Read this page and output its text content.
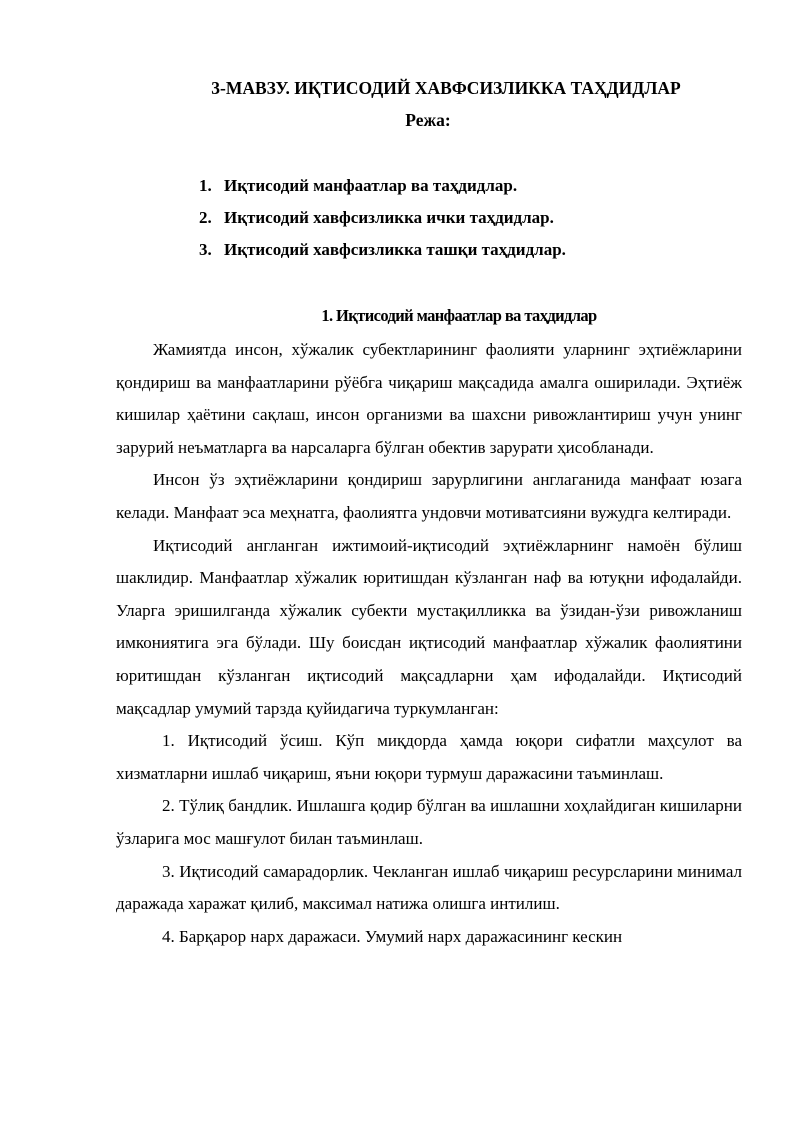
3-МАВЗУ. ИҚТИСОДИЙ ХАВФСИЗЛИККА ТАҲДИДЛАР
Режа:
1. Иқтисодий манфаатлар ва таҳдидлар.
2. Иқтисодий хавфсизликка ички таҳдидлар.
3. Иқтисодий хавфсизликка ташқи таҳдидлар.
1. Иқтисодий манфаатлар ва таҳдидлар

Жамиятда инсон, хўжалик субектларининг фаолияти уларнинг эҳтиёжларини қондириш ва манфаатларини рўёбга чиқариш мақсадида амалга оширилади. Эҳтиёж кишилар ҳаётини сақлаш, инсон организми ва шахсни ривожлантириш учун унинг зарурий неъматларга ва нарсаларга бўлган обектив зарурати ҳисобланади.

Инсон ўз эҳтиёжларини қондириш зарурлигини англаганида манфаат юзага келади. Манфаат эса меҳнатга, фаолиятга ундовчи мотиватсияни вужудга келтиради.

Иқтисодий англанган ижтимоий-иқтисодий эҳтиёжларнинг намоён бўлиш шаклидир. Манфаатлар хўжалик юритишдан кўзланган наф ва ютуқни ифодалайди. Уларга эришилганда хўжалик субекти мустақилликка ва ўзидан-ўзи ривожланиш имкониятига эга бўлади. Шу боисдан иқтисодий манфаатлар хўжалик фаолиятини юритишдан кўзланган иқтисодий мақсадларни ҳам ифодалайди. Иқтисодий мақсадлар умумий тарзда қуйидагича туркумланган:

1. Иқтисодий ўсиш. Кўп миқдорда ҳамда юқори сифатли маҳсулот ва хизматларни ишлаб чиқариш, яъни юқори турмуш даражасини таъминлаш.

2. Тўлиқ бандлик. Ишлашга қодир бўлган ва ишлашни хоҳлайдиган кишиларни ўзларига мос машғулот билан таъминлаш.

3. Иқтисодий самарадорлик. Чекланган ишлаб чиқариш ресурсларини минимал даражада харажат қилиб, максимал натижа олишга интилиш.

4. Барқарор нарх даражаси. Умумий нарх даражасининг кескин
